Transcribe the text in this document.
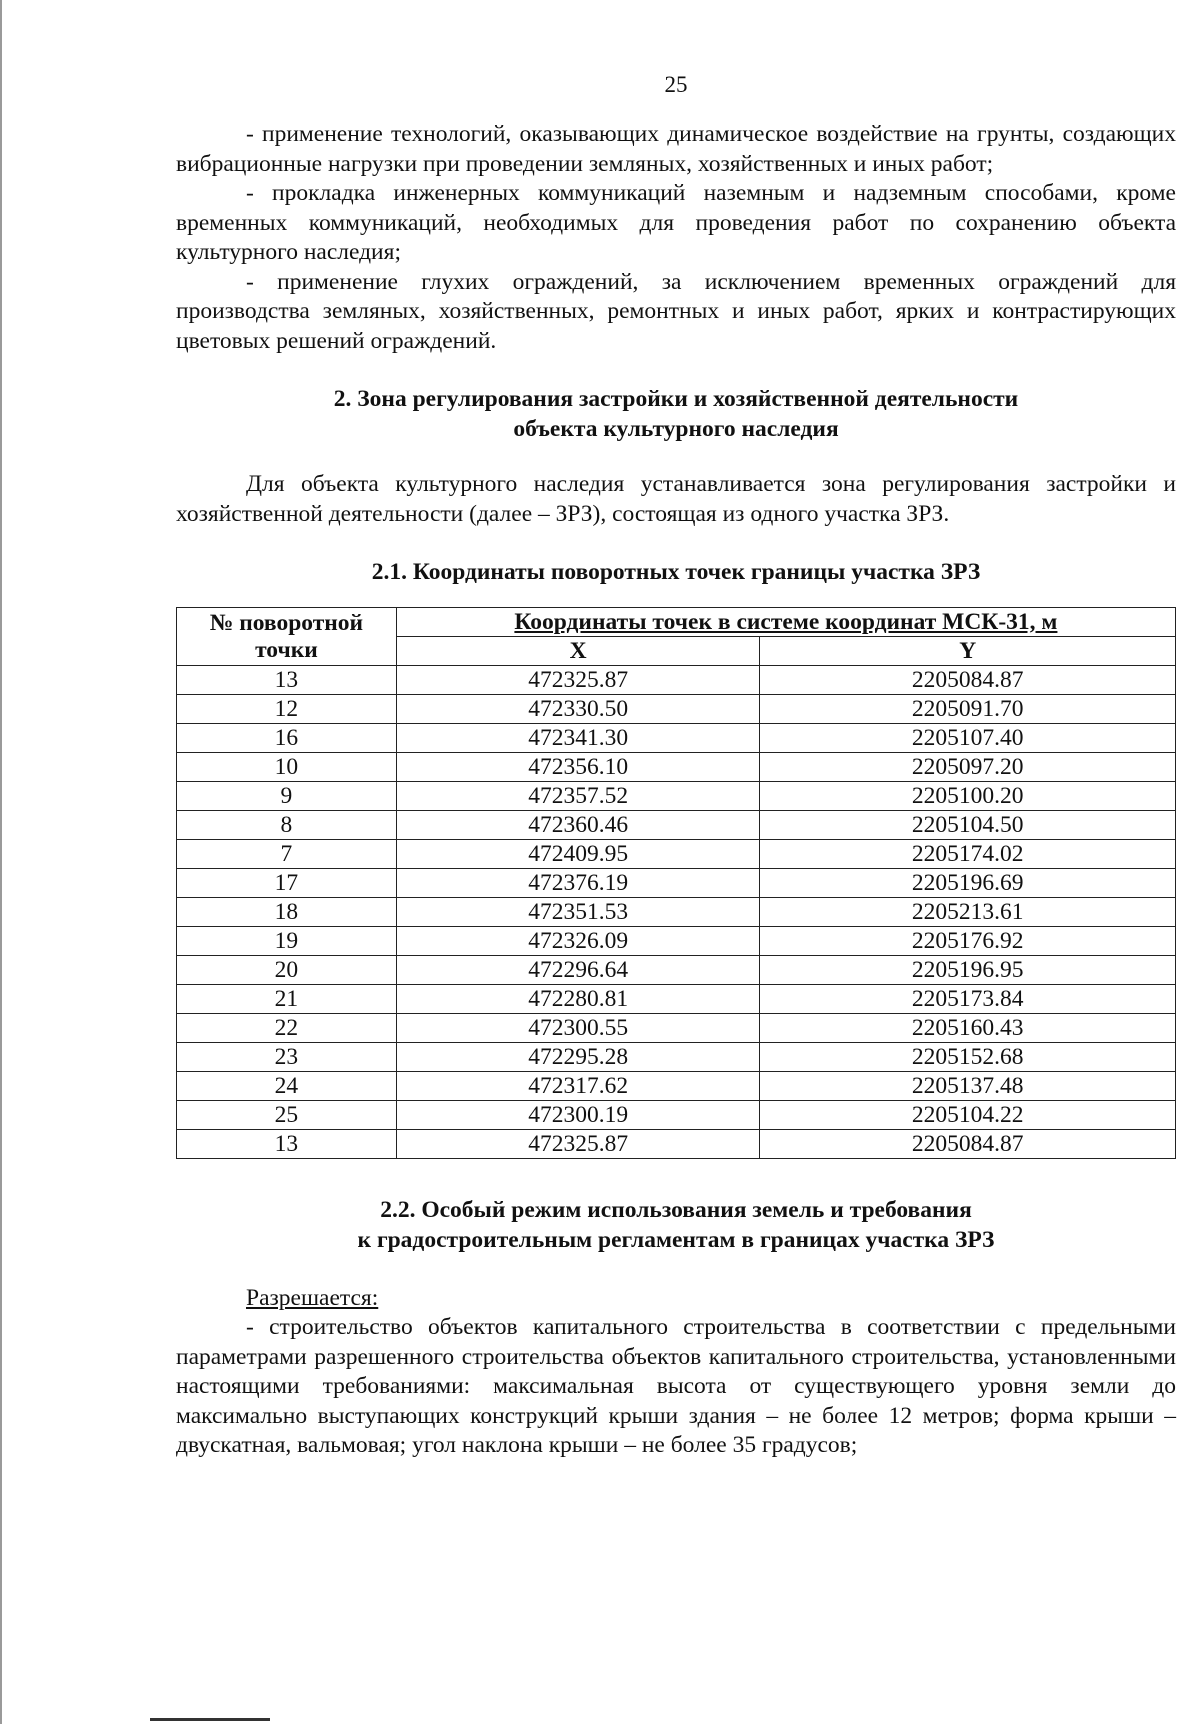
25

- применение технологий, оказывающих динамическое воздействие на грунты, создающих вибрационные нагрузки при проведении земляных, хозяйственных и иных работ;

- прокладка инженерных коммуникаций наземным и надземным способами, кроме временных коммуникаций, необходимых для проведения работ по сохранению объекта культурного наследия;

- применение глухих ограждений, за исключением временных ограждений для производства земляных, хозяйственных, ремонтных и иных работ, ярких и контрастирующих цветовых решений ограждений.

2. Зона регулирования застройки и хозяйственной деятельности
объекта культурного наследия

Для объекта культурного наследия устанавливается зона регулирования застройки и хозяйственной деятельности (далее – ЗРЗ), состоящая из одного участка ЗРЗ.

2.1. Координаты поворотных точек границы участка ЗРЗ
№ поворотной точки	Координаты точек в системе координат МСК-31, м	
	X	Y
13	472325.87	2205084.87
12	472330.50	2205091.70
16	472341.30	2205107.40
10	472356.10	2205097.20
9	472357.52	2205100.20
8	472360.46	2205104.50
7	472409.95	2205174.02
17	472376.19	2205196.69
18	472351.53	2205213.61
19	472326.09	2205176.92
20	472296.64	2205196.95
21	472280.81	2205173.84
22	472300.55	2205160.43
23	472295.28	2205152.68
24	472317.62	2205137.48
25	472300.19	2205104.22
13	472325.87	2205084.87
2.2. Особый режим использования земель и требования
к градостроительным регламентам в границах участка ЗРЗ

Разрешается:

- строительство объектов капитального строительства в соответствии с предельными параметрами разрешенного строительства объектов капитального строительства, установленными настоящими требованиями: максимальная высота от существующего уровня земли до максимально выступающих конструкций крыши здания – не более 12 метров; форма крыши – двускатная, вальмовая; угол наклона крыши – не более 35 градусов;
